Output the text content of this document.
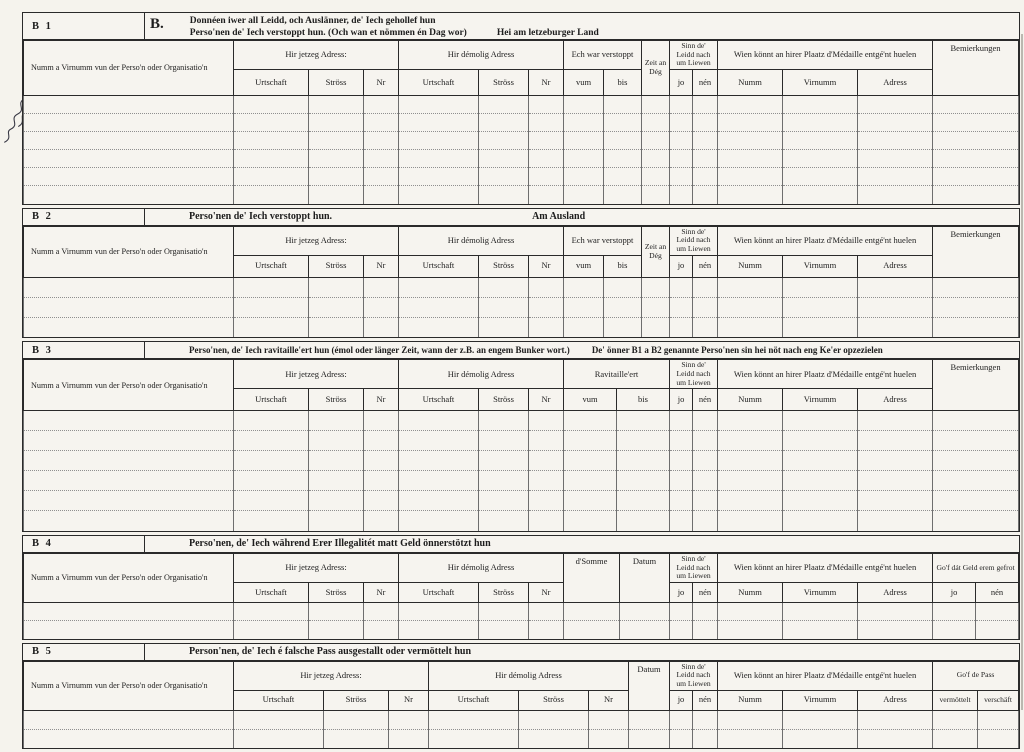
B 1	B.	Donnéen iwer all Leidd, och Auslänner, de' Iech gehollef hun
Perso'nen de' Iech verstoppt hun. (Och wan et nömmen én Dag wor)	Hei am letzeburger Land
Numm a Virnumm vun der Perso'n oder Organisatio'n	Hir jetzeg Adress:			Hir démolig Adress			Ech war verstoppt		Zeit an Dég	Sinn de' Leidd nach um Liewen		Wien könnt an hirer Plaatz d'Médaille entgé'nt huelen			Bemierkungen
	Urtschaft	Ströss	Nr	Urtschaft	Ströss	Nr	vum	bis		jo	nén	Numm	Virnumm	Adress	

B 2	Perso'nen de' Iech verstoppt hun.	Am Ausland
Numm a Virnumm vun der Perso'n oder Organisatio'n	Hir jetzeg Adress:			Hir démolig Adress			Ech war verstoppt		Zeit an Dég	Sinn de' Leidd nach um Liewen		Wien könnt an hirer Plaatz d'Médaille entgé'nt huelen			Bemierkungen
	Urtschaft	Ströss	Nr	Urtschaft	Ströss	Nr	vum	bis		jo	nén	Numm	Virnumm	Adress	

B 3	Perso'nen, de' Iech ravitaille'ert hun (émol oder länger Zeit, wann der z.B. an engem Bunker wort.) De' önner B1 a B2 genannte Perso'nen sin hei nöt nach eng Ke'er opzezielen
Numm a Virnumm vun der Perso'n oder Organisatio'n	Hir jetzeg Adress:			Hir démolig Adress			Ravitaille'ert		Sinn de' Leidd nach um Liewen		Wien könnt an hirer Plaatz d'Médaille entgé'nt huelen			Bemierkungen
	Urtschaft	Ströss	Nr	Urtschaft	Ströss	Nr	vum	bis	jo	nén	Numm	Virnumm	Adress	

B 4	Perso'nen, de' Iech während Erer Illegalitét matt Geld önnerstötzt hun
Numm a Virnumm vun der Perso'n oder Organisatio'n	Hir jetzeg Adress:			Hir démolig Adress			d'Somme	Datum	Sinn de' Leidd nach um Liewen		Wien könnt an hirer Plaatz d'Médaille entgé'nt huelen			Go'f dát Geld erem gefrot	
	Urtschaft	Ströss	Nr	Urtschaft	Ströss	Nr			jo	nén	Numm	Virnumm	Adress	jo	nén

B 5	Person'nen, de' Iech é falsche Pass ausgestallt oder vermöttelt hun
Numm a Virnumm vun der Perso'n oder Organisatio'n	Hir jetzeg Adress:			Hir démolig Adress			Datum	Sinn de' Leidd nach um Liewen		Wien könnt an hirer Plaatz d'Médaille entgé'nt huelen			Go'f de Pass	
	Urtschaft	Ströss	Nr	Urtschaft	Ströss	Nr		jo	nén	Numm	Virnumm	Adress	vermöttelt	verschäft
